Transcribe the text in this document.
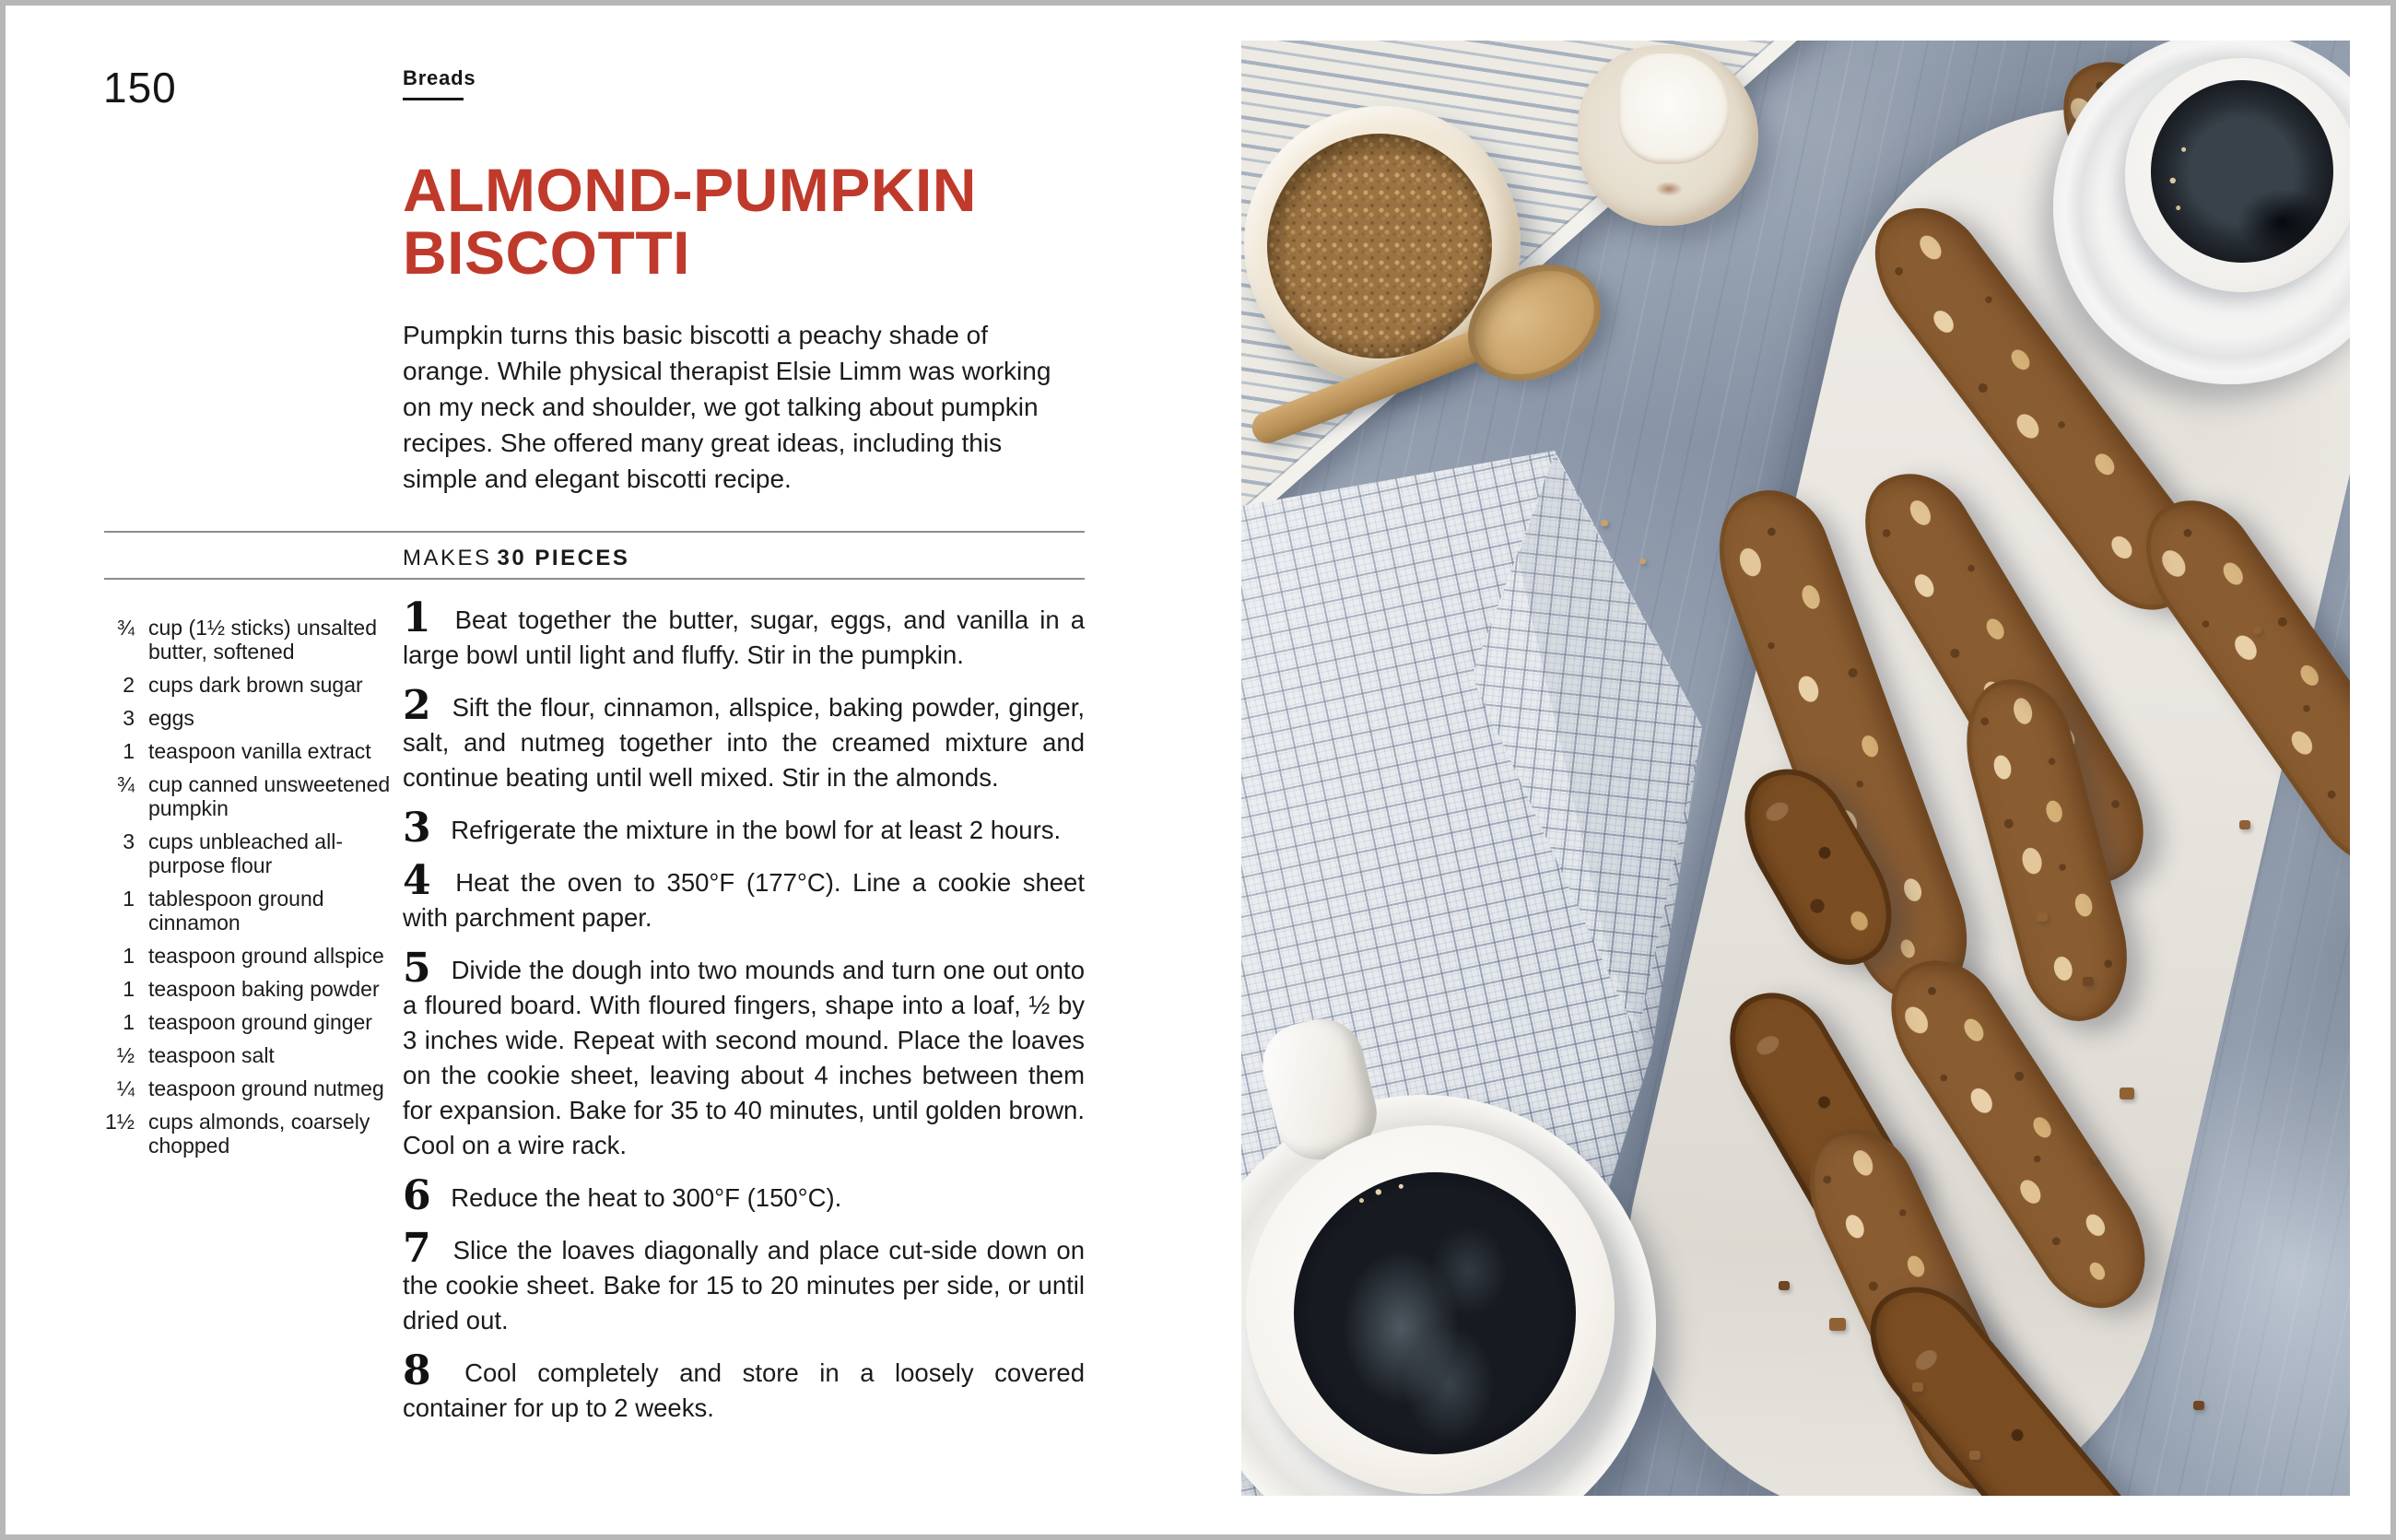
150	Breads
ALMOND-PUMPKIN
BISCOTTI

Pumpkin turns this basic biscotti a peachy shade of orange. While physical therapist Elsie Limm was working on my neck and shoulder, we got talking about pumpkin recipes. She offered many great ideas, including this simple and elegant biscotti recipe.

MAKES 30 PIECES
¾ cup (1½ sticks) unsalted butter, softened
2 cups dark brown sugar
3 eggs
1 teaspoon vanilla extract
¾ cup canned unsweetened pumpkin
3 cups unbleached all-purpose flour
1 tablespoon ground cinnamon
1 teaspoon ground allspice
1 teaspoon baking powder
1 teaspoon ground ginger
½ teaspoon salt
¼ teaspoon ground nutmeg
1½ cups almonds, coarsely chopped

1 Beat together the butter, sugar, eggs, and vanilla in a large bowl until light and fluffy. Stir in the pumpkin.

2 Sift the flour, cinnamon, allspice, baking powder, ginger, salt, and nutmeg together into the creamed mixture and continue beating until well mixed. Stir in the almonds.

3 Refrigerate the mixture in the bowl for at least 2 hours.

4 Heat the oven to 350°F (177°C). Line a cookie sheet with parchment paper.

5 Divide the dough into two mounds and turn one out onto a floured board. With floured fingers, shape into a loaf, ½ by 3 inches wide. Repeat with second mound. Place the loaves on the cookie sheet, leaving about 4 inches between them for expansion. Bake for 35 to 40 minutes, until golden brown. Cool on a wire rack.

6 Reduce the heat to 300°F (150°C).

7 Slice the loaves diagonally and place cut-side down on the cookie sheet. Bake for 15 to 20 minutes per side, or until dried out.

8 Cool completely and store in a loosely covered container for up to 2 weeks.
